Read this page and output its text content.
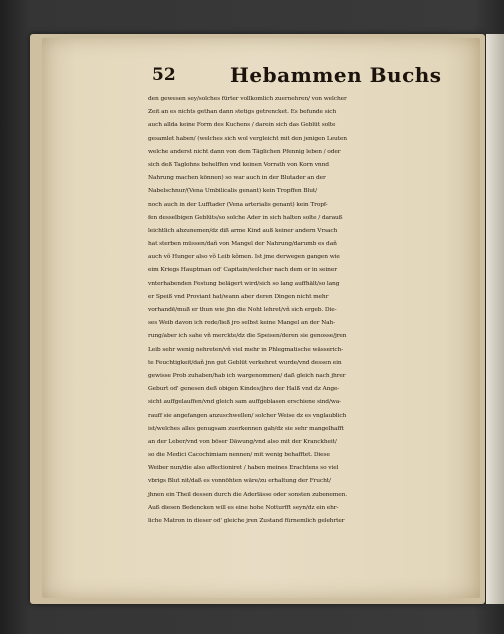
52	Hebammen Buchs
den gewesen sey/solches fürter vollkomlich zuernehren/ von welcher
Zeit an es nichts gethan dann stetigs getrencket. Es befunde sich
auch allda keine Form des Kuchens / darein sich das Geblüt solte
gesamlet haben/ (welches sich wol vergleicht mit den jenigen Leuten
welche anderst nicht dann von dem Täglichen Pfennig leben / oder
sich deß Taglohns behelffen vnd keinen Vorrath von Korn vnnd
Nahrung machen können) so war auch in der Blutader an der
Nabelschnur/(Vena Umbilicalis genant) kein Tropffen Blut/
noch auch in der Lufftader (Vena arterialis genant) kein Tropf-
fen desselbigen Geblüts/so solche Ader in sich halten solte / darauß
leichtlich abzunemen/dz diß arme Kind auß keiner andern Vrsach
hat sterben müssen/dañ von Mangel der Nahrung/darumb es dañ
auch võ Hunger also võ Leib kõmen. Ist jme derwegen gangen wie
eim Kriegs Hauptman od' Capitain/welcher nach dem er in seiner
vnterhabenden Festung belägert wird/sich so lang auffhält/so lang
er Speiß vnd Proviant hat/wann aber deren Dingen nicht mehr
vorhandē/muß er thun wie jhn die Noht lehret/vñ sich ergeb. Die-
ses Weib davon ich rede/ließ jro selbst keine Mangel an der Nah-
rung/aber ich sahe vñ merckte/dz die Speisen/deren sie genosse/jren
Leib sehr wenig nehreten/vñ viel mehr in Phlegmatische wässerich-
te Feuchtigkeit/dañ jnn gut Geblüt verkehret wurde/vnd dessen ein
gewisse Prob zuhaben/hab ich wargenommen/ daß gleich nach jhrer
Geburt od' genesen deß obigen Kindes/jhro der Halß vnd dz Ange-
sicht auffgelauffen/vnd gleich sam auffgeblasen erschiene sind/wa-
rauff sie angefangen anzuschwellen/ solcher Weise dz es vnglaublich
ist/welches alles genugsam zuerkennen gab/dz sie sehr mangelhafft
an der Leber/vnd von böser Däwung/vnd also mit der Kranckheit/
so die Medici Cacochimiam nennen/ mit wenig behafftet. Diese
Weiber nun/die also affectioniret / haben meines Erachtens so viel
vbrigs Blut nit/daß es vonnöhten wäre/zu erhaltung der Frucht/
jhnen ein Theil dessen durch die Aderlässe oder sonsten zubenemen.
Auß diesen Bedencken will es eine hohe Notturfft seyn/dz ein ehr-
liche Matron in dieser od' gleiche jren Zustand fürnemlich gelehrter
